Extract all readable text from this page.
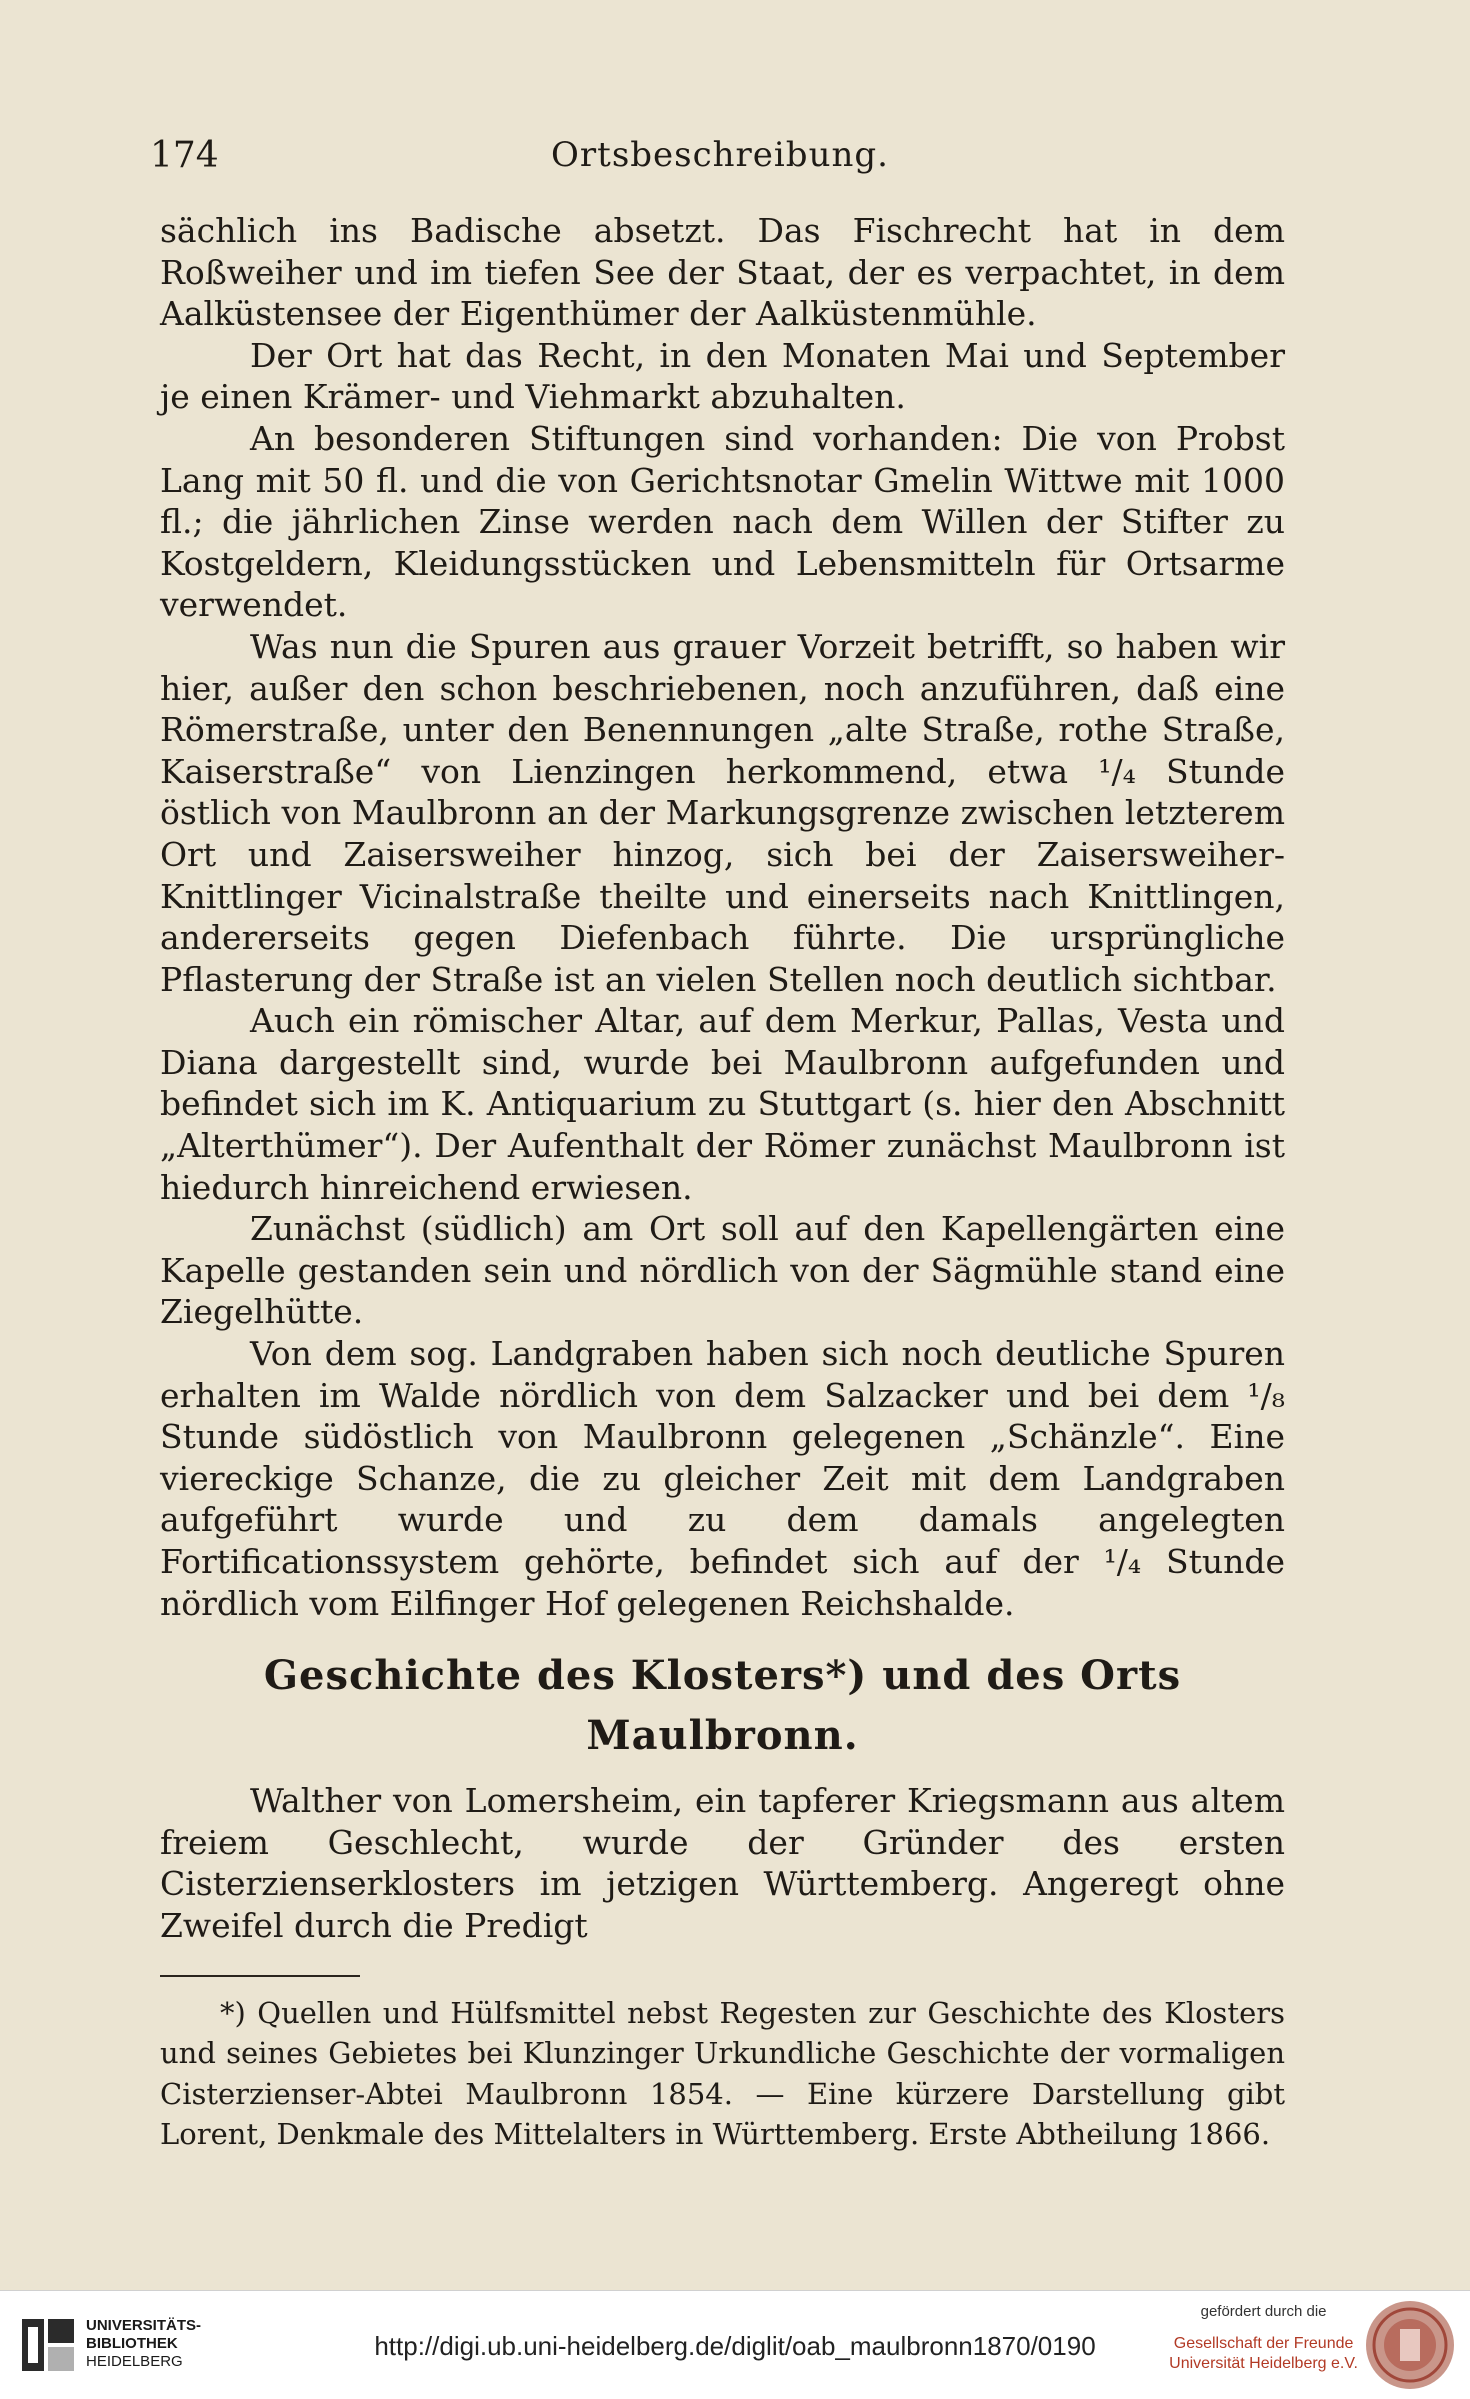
174	Ortsbeschreibung.

sächlich ins Badische absetzt. Das Fischrecht hat in dem Roßweiher und im tiefen See der Staat, der es verpachtet, in dem Aalküstensee der Eigenthümer der Aalküstenmühle.

Der Ort hat das Recht, in den Monaten Mai und September je einen Krämer- und Viehmarkt abzuhalten.

An besonderen Stiftungen sind vorhanden: Die von Probst Lang mit 50 fl. und die von Gerichtsnotar Gmelin Wittwe mit 1000 fl.; die jährlichen Zinse werden nach dem Willen der Stifter zu Kostgeldern, Kleidungsstücken und Lebensmitteln für Ortsarme verwendet.

Was nun die Spuren aus grauer Vorzeit betrifft, so haben wir hier, außer den schon beschriebenen, noch anzuführen, daß eine Römerstraße, unter den Benennungen „alte Straße, rothe Straße, Kaiserstraße“ von Lienzingen herkommend, etwa ¹/₄ Stunde östlich von Maulbronn an der Markungsgrenze zwischen letzterem Ort und Zaisersweiher hinzog, sich bei der Zaisersweiher-Knittlinger Vicinalstraße theilte und einerseits nach Knittlingen, andererseits gegen Diefenbach führte. Die ursprüngliche Pflasterung der Straße ist an vielen Stellen noch deutlich sichtbar.

Auch ein römischer Altar, auf dem Merkur, Pallas, Vesta und Diana dargestellt sind, wurde bei Maulbronn aufgefunden und befindet sich im K. Antiquarium zu Stuttgart (s. hier den Abschnitt „Alterthümer“). Der Aufenthalt der Römer zunächst Maulbronn ist hiedurch hinreichend erwiesen.

Zunächst (südlich) am Ort soll auf den Kapellengärten eine Kapelle gestanden sein und nördlich von der Sägmühle stand eine Ziegelhütte.

Von dem sog. Landgraben haben sich noch deutliche Spuren erhalten im Walde nördlich von dem Salzacker und bei dem ¹/₈ Stunde südöstlich von Maulbronn gelegenen „Schänzle“. Eine viereckige Schanze, die zu gleicher Zeit mit dem Landgraben aufgeführt wurde und zu dem damals angelegten Fortificationssystem gehörte, befindet sich auf der ¹/₄ Stunde nördlich vom Eilfinger Hof gelegenen Reichshalde.

Geschichte des Klosters*) und des Orts Maulbronn.

Walther von Lomersheim, ein tapferer Kriegsmann aus altem freiem Geschlecht, wurde der Gründer des ersten Cisterzienserklosters im jetzigen Württemberg. Angeregt ohne Zweifel durch die Predigt

*) Quellen und Hülfsmittel nebst Regesten zur Geschichte des Klosters und seines Gebietes bei Klunzinger Urkundliche Geschichte der vormaligen Cisterzienser-Abtei Maulbronn 1854. — Eine kürzere Darstellung gibt Lorent, Denkmale des Mittelalters in Württemberg. Erste Abtheilung 1866.

UNIVERSITÄTS-
BIBLIOTHEK
HEIDELBERG
http://digi.ub.uni-heidelberg.de/diglit/oab_maulbronn1870/0190
gefördert durch die
Gesellschaft der Freunde
Universität Heidelberg e.V.
